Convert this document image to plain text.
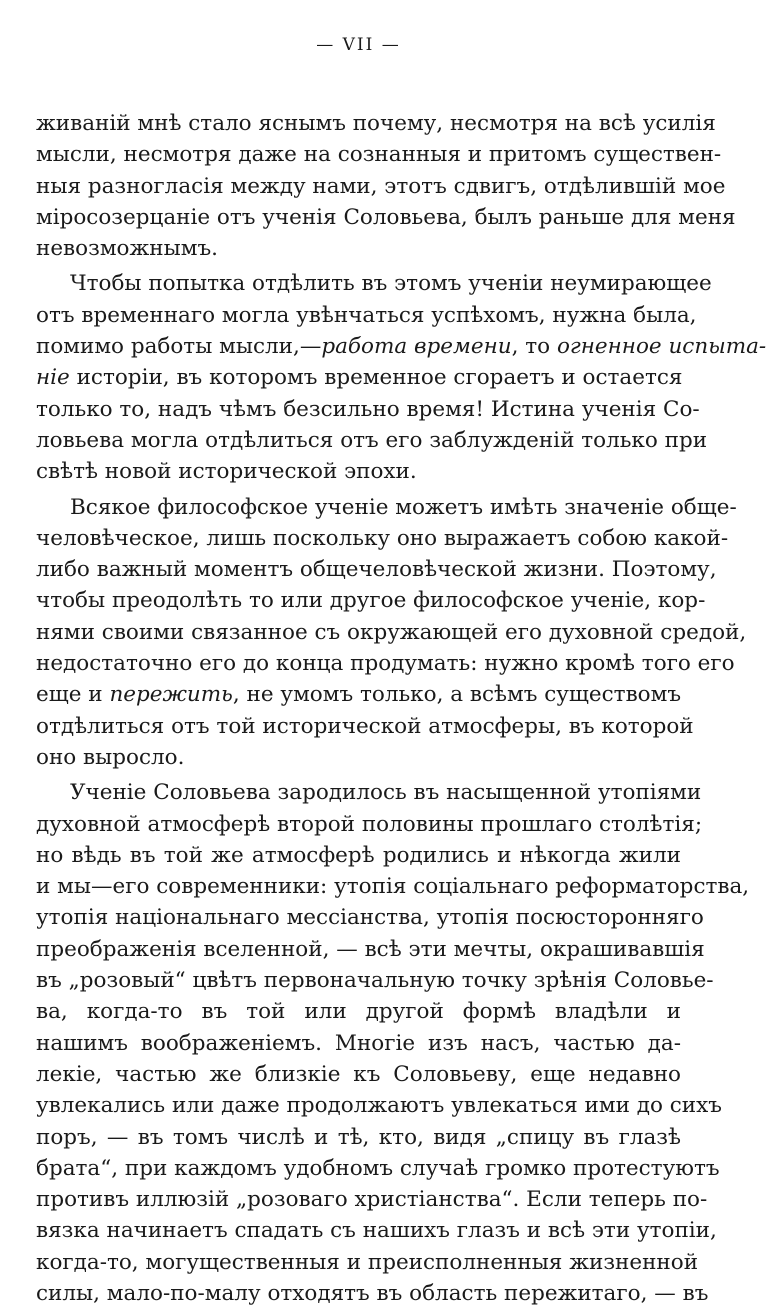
— VII —
живаній мнѣ стало яснымъ почему, несмотря на всѣ усилія
мысли, несмотря даже на сознанныя и притомъ существен-
ныя разногласія между нами, этотъ сдвигъ, отдѣлившій мое
міросозерцаніе отъ ученія Соловьева, былъ раньше для меня
невозможнымъ.
Чтобы попытка отдѣлить въ этомъ ученіи неумирающее
отъ временнаго могла увѣнчаться успѣхомъ, нужна была,
помимо работы мысли,—работа времени, то огненное испыта-
ніе исторіи, въ которомъ временное сгораетъ и остается
только то, надъ чѣмъ безсильно время! Истина ученія Со-
ловьева могла отдѣлиться отъ его заблужденій только при
свѣтѣ новой исторической эпохи.
Всякое философское ученіе можетъ имѣть значеніе обще-
человѣческое, лишь поскольку оно выражаетъ собою какой-
либо важный моментъ общечеловѣческой жизни. Поэтому,
чтобы преодолѣть то или другое философское ученіе, кор-
нями своими связанное съ окружающей его духовной средой,
недостаточно его до конца продумать: нужно кромѣ того его
еще и пережить, не умомъ только, а всѣмъ существомъ
отдѣлиться отъ той исторической атмосферы, въ которой
оно выросло.
Ученіе Соловьева зародилось въ насыщенной утопіями
духовной атмосферѣ второй половины прошлаго столѣтія;
но вѣдь въ той же атмосферѣ родились и нѣкогда жили
и мы—его современники: утопія соціальнаго реформаторства,
утопія національнаго мессіанства, утопія посюсторонняго
преображенія вселенной, — всѣ эти мечты, окрашивавшія
въ „розовый“ цвѣтъ первоначальную точку зрѣнія Соловье-
ва, когда-то въ той или другой формѣ владѣли и
нашимъ воображеніемъ. Многіе изъ насъ, частью да-
лекіе, частью же близкіе къ Соловьеву, еще недавно
увлекались или даже продолжаютъ увлекаться ими до сихъ
поръ, — въ томъ числѣ и тѣ, кто, видя „спицу въ глазѣ
брата“, при каждомъ удобномъ случаѣ громко протестуютъ
противъ иллюзій „розоваго христіанства“. Если теперь по-
вязка начинаетъ спадать съ нашихъ глазъ и всѣ эти утопіи,
когда-то, могущественныя и преисполненныя жизненной
силы, мало-по-малу отходятъ въ область пережитаго, — въ
